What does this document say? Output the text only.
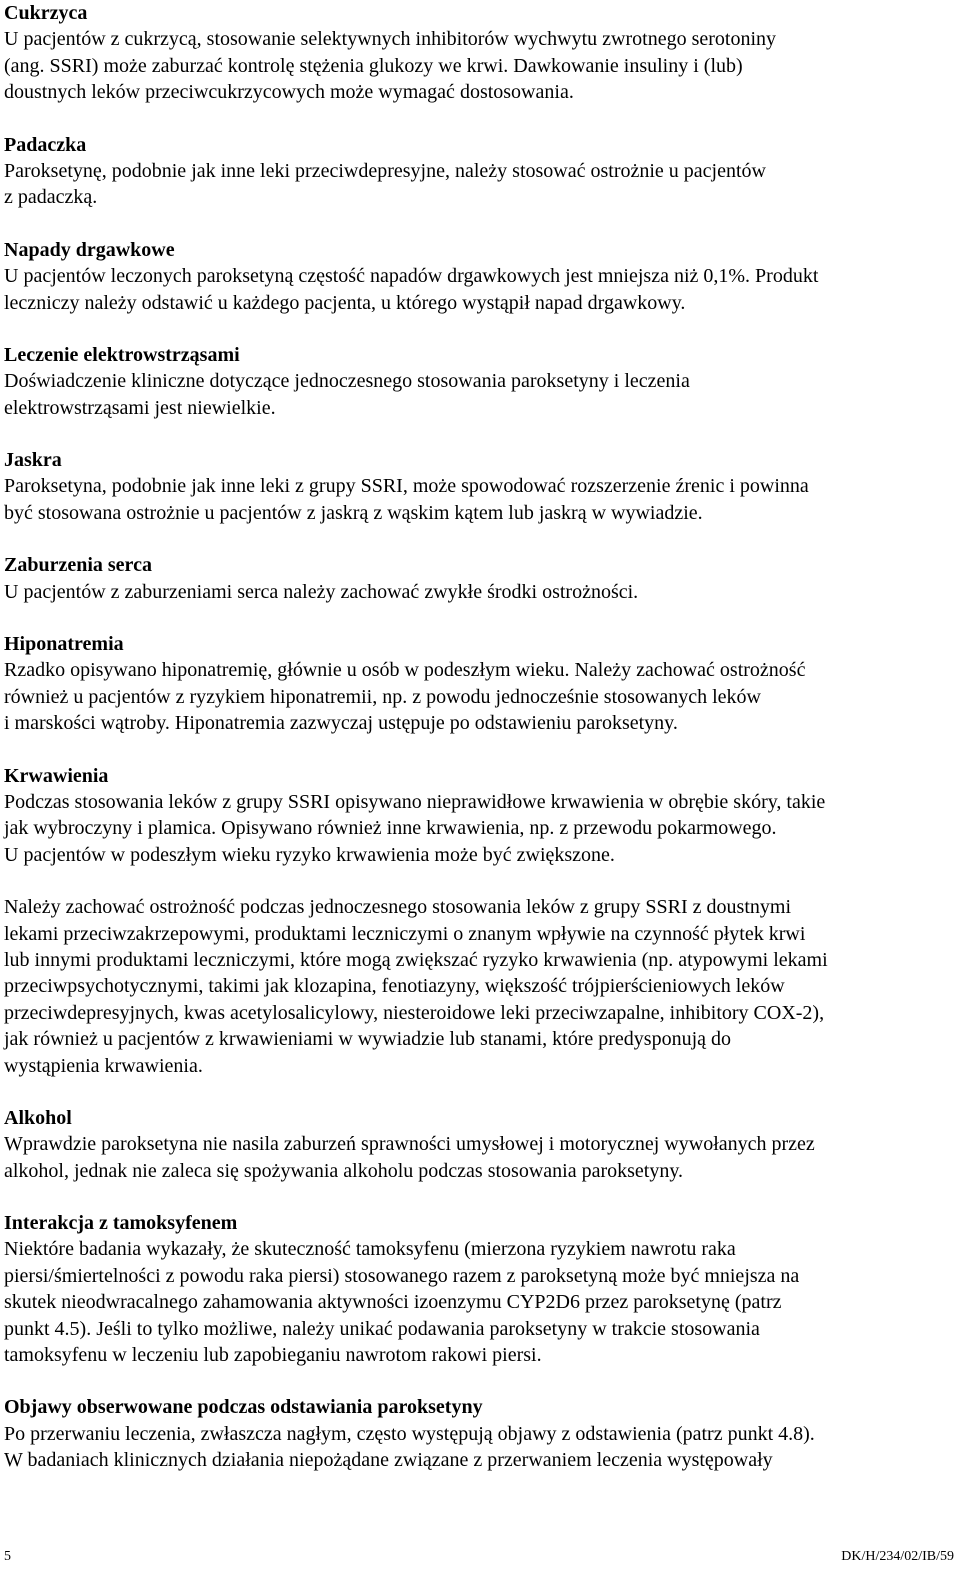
Cukrzyca
U pacjentów z cukrzycą, stosowanie selektywnych inhibitorów wychwytu zwrotnego serotoniny
(ang. SSRI) może zaburzać kontrolę stężenia glukozy we krwi. Dawkowanie insuliny i (lub)
doustnych leków przeciwcukrzycowych może wymagać dostosowania.
Padaczka
Paroksetynę, podobnie jak inne leki przeciwdepresyjne, należy stosować ostrożnie u pacjentów
z padaczką.
Napady drgawkowe
U pacjentów leczonych paroksetyną częstość napadów drgawkowych jest mniejsza niż 0,1%. Produkt
leczniczy należy odstawić u każdego pacjenta, u którego wystąpił napad drgawkowy.
Leczenie elektrowstrząsami
Doświadczenie kliniczne dotyczące jednoczesnego stosowania paroksetyny i leczenia
elektrowstrząsami jest niewielkie.
Jaskra
Paroksetyna, podobnie jak inne leki z grupy SSRI, może spowodować rozszerzenie źrenic i powinna
być stosowana ostrożnie u pacjentów z jaskrą z wąskim kątem lub jaskrą w wywiadzie.
Zaburzenia serca
U pacjentów z zaburzeniami serca należy zachować zwykłe środki ostrożności.
Hiponatremia
Rzadko opisywano hiponatremię, głównie u osób w podeszłym wieku. Należy zachować ostrożność
również u pacjentów z ryzykiem hiponatremii, np. z powodu jednocześnie stosowanych leków
i marskości wątroby. Hiponatremia zazwyczaj ustępuje po odstawieniu paroksetyny.
Krwawienia
Podczas stosowania leków z grupy SSRI opisywano nieprawidłowe krwawienia w obrębie skóry, takie
jak wybroczyny i plamica. Opisywano również inne krwawienia, np. z przewodu pokarmowego.
U pacjentów w podeszłym wieku ryzyko krwawienia może być zwiększone.
Należy zachować ostrożność podczas jednoczesnego stosowania leków z grupy SSRI z doustnymi
lekami przeciwzakrzepowymi, produktami leczniczymi o znanym wpływie na czynność płytek krwi
lub innymi produktami leczniczymi, które mogą zwiększać ryzyko krwawienia (np. atypowymi lekami
przeciwpsychotycznymi, takimi jak klozapina, fenotiazyny, większość trójpierścieniowych leków
przeciwdepresyjnych, kwas acetylosalicylowy, niesteroidowe leki przeciwzapalne, inhibitory COX-2),
jak również u pacjentów z krwawieniami w wywiadzie lub stanami, które predysponują do
wystąpienia krwawienia.
Alkohol
Wprawdzie paroksetyna nie nasila zaburzeń sprawności umysłowej i motorycznej wywołanych przez
alkohol, jednak nie zaleca się spożywania alkoholu podczas stosowania paroksetyny.
Interakcja z tamoksyfenem
Niektóre badania wykazały, że skuteczność tamoksyfenu (mierzona ryzykiem nawrotu raka
piersi/śmiertelności z powodu raka piersi) stosowanego razem z paroksetyną może być mniejsza na
skutek nieodwracalnego zahamowania aktywności izoenzymu CYP2D6 przez paroksetynę (patrz
punkt 4.5). Jeśli to tylko możliwe, należy unikać podawania paroksetyny w trakcie stosowania
tamoksyfenu w leczeniu lub zapobieganiu nawrotom rakowi piersi.
Objawy obserwowane podczas odstawiania paroksetyny
Po przerwaniu leczenia, zwłaszcza nagłym, często występują objawy z odstawienia (patrz punkt 4.8).
W badaniach klinicznych działania niepożądane związane z przerwaniem leczenia występowały
5	DK/H/234/02/IB/59
